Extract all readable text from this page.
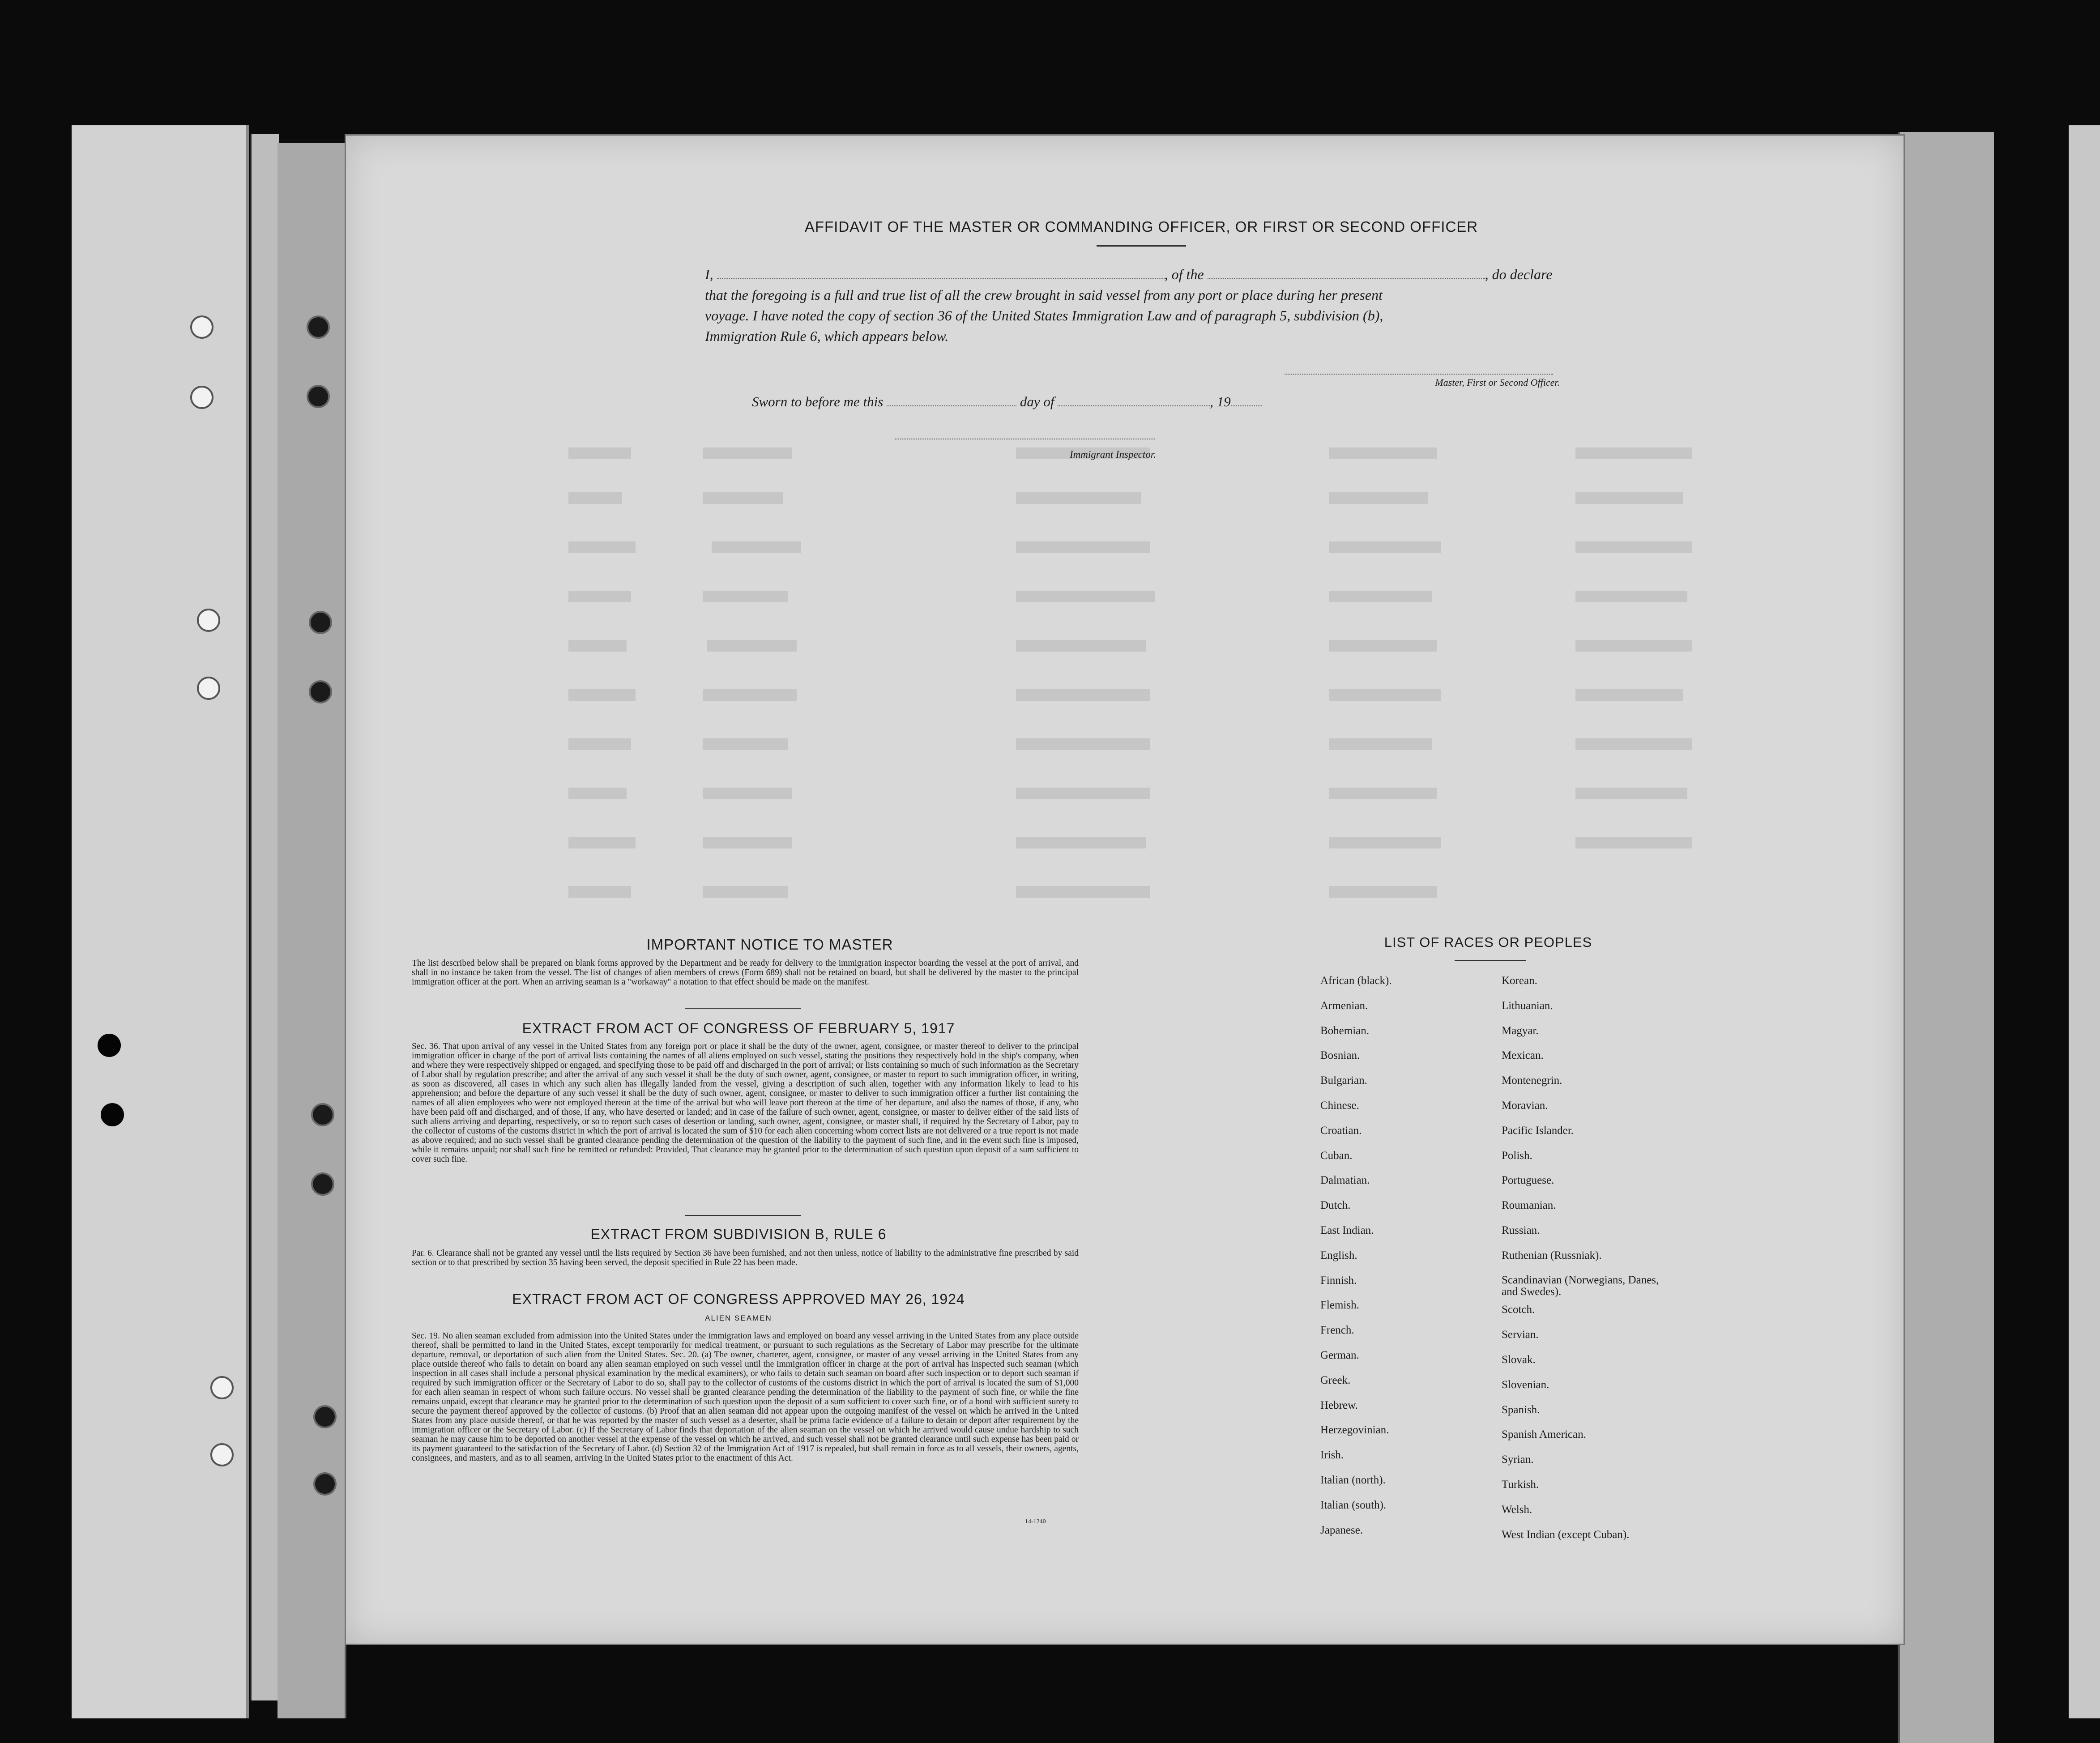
AFFIDAVIT OF THE MASTER OR COMMANDING OFFICER, OR FIRST OR SECOND OFFICER
I,	, of the	, do declare
that the foregoing is a full and true list of all the crew brought in said vessel from any port or place during her present
voyage. I have noted the copy of section 36 of the United States Immigration Law and of paragraph 5, subdivision (b),
Immigration Rule 6, which appears below.
Master, First or Second Officer.
Sworn to before me this	day of	, 19
Immigrant Inspector.
IMPORTANT NOTICE TO MASTER
The list described below shall be prepared on blank forms approved by the Department and be ready for delivery to the immigration inspector boarding the vessel at the port of arrival, and shall in no instance be taken from the vessel. The list of changes of alien members of crews (Form 689) shall not be retained on board, but shall be delivered by the master to the principal immigration officer at the port. When an arriving seaman is a "workaway" a notation to that effect should be made on the manifest.
EXTRACT FROM ACT OF CONGRESS OF FEBRUARY 5, 1917
Sec. 36. That upon arrival of any vessel in the United States from any foreign port or place it shall be the duty of the owner, agent, consignee, or master thereof to deliver to the principal immigration officer in charge of the port of arrival lists containing the names of all aliens employed on such vessel, stating the positions they respectively hold in the ship's company, when and where they were respectively shipped or engaged, and specifying those to be paid off and discharged in the port of arrival; or lists containing so much of such information as the Secretary of Labor shall by regulation prescribe; and after the arrival of any such vessel it shall be the duty of such owner, agent, consignee, or master to report to such immigration officer, in writing, as soon as discovered, all cases in which any such alien has illegally landed from the vessel, giving a description of such alien, together with any information likely to lead to his apprehension; and before the departure of any such vessel it shall be the duty of such owner, agent, consignee, or master to deliver to such immigration officer a further list containing the names of all alien employees who were not employed thereon at the time of the arrival but who will leave port thereon at the time of her departure, and also the names of those, if any, who have been paid off and discharged, and of those, if any, who have deserted or landed; and in case of the failure of such owner, agent, consignee, or master to deliver either of the said lists of such aliens arriving and departing, respectively, or so to report such cases of desertion or landing, such owner, agent, consignee, or master shall, if required by the Secretary of Labor, pay to the collector of customs of the customs district in which the port of arrival is located the sum of $10 for each alien concerning whom correct lists are not delivered or a true report is not made as above required; and no such vessel shall be granted clearance pending the determination of the question of the liability to the payment of such fine, and in the event such fine is imposed, while it remains unpaid; nor shall such fine be remitted or refunded: Provided, That clearance may be granted prior to the determination of such question upon deposit of a sum sufficient to cover such fine.
EXTRACT FROM SUBDIVISION B, RULE 6
Par. 6. Clearance shall not be granted any vessel until the lists required by Section 36 have been furnished, and not then unless, notice of liability to the administrative fine prescribed by said section or to that prescribed by section 35 having been served, the deposit specified in Rule 22 has been made.
EXTRACT FROM ACT OF CONGRESS APPROVED MAY 26, 1924
ALIEN SEAMEN
Sec. 19. No alien seaman excluded from admission into the United States under the immigration laws and employed on board any vessel arriving in the United States from any place outside thereof, shall be permitted to land in the United States, except temporarily for medical treatment, or pursuant to such regulations as the Secretary of Labor may prescribe for the ultimate departure, removal, or deportation of such alien from the United States. Sec. 20. (a) The owner, charterer, agent, consignee, or master of any vessel arriving in the United States from any place outside thereof who fails to detain on board any alien seaman employed on such vessel until the immigration officer in charge at the port of arrival has inspected such seaman (which inspection in all cases shall include a personal physical examination by the medical examiners), or who fails to detain such seaman on board after such inspection or to deport such seaman if required by such immigration officer or the Secretary of Labor to do so, shall pay to the collector of customs of the customs district in which the port of arrival is located the sum of $1,000 for each alien seaman in respect of whom such failure occurs. No vessel shall be granted clearance pending the determination of the liability to the payment of such fine, or while the fine remains unpaid, except that clearance may be granted prior to the determination of such question upon the deposit of a sum sufficient to cover such fine, or of a bond with sufficient surety to secure the payment thereof approved by the collector of customs. (b) Proof that an alien seaman did not appear upon the outgoing manifest of the vessel on which he arrived in the United States from any place outside thereof, or that he was reported by the master of such vessel as a deserter, shall be prima facie evidence of a failure to detain or deport after requirement by the immigration officer or the Secretary of Labor. (c) If the Secretary of Labor finds that deportation of the alien seaman on the vessel on which he arrived would cause undue hardship to such seaman he may cause him to be deported on another vessel at the expense of the vessel on which he arrived, and such vessel shall not be granted clearance until such expense has been paid or its payment guaranteed to the satisfaction of the Secretary of Labor. (d) Section 32 of the Immigration Act of 1917 is repealed, but shall remain in force as to all vessels, their owners, agents, consignees, and masters, and as to all seamen, arriving in the United States prior to the enactment of this Act.
14-1240
LIST OF RACES OR PEOPLES
African (black).
Armenian.
Bohemian.
Bosnian.
Bulgarian.
Chinese.
Croatian.
Cuban.
Dalmatian.
Dutch.
East Indian.
English.
Finnish.
Flemish.
French.
German.
Greek.
Hebrew.
Herzegovinian.
Irish.
Italian (north).
Italian (south).
Japanese.
Korean.
Lithuanian.
Magyar.
Mexican.
Montenegrin.
Moravian.
Pacific Islander.
Polish.
Portuguese.
Roumanian.
Russian.
Ruthenian (Russniak).
Scandinavian (Norwegians, Danes, and Swedes).
Scotch.
Servian.
Slovak.
Slovenian.
Spanish.
Spanish American.
Syrian.
Turkish.
Welsh.
West Indian (except Cuban).
